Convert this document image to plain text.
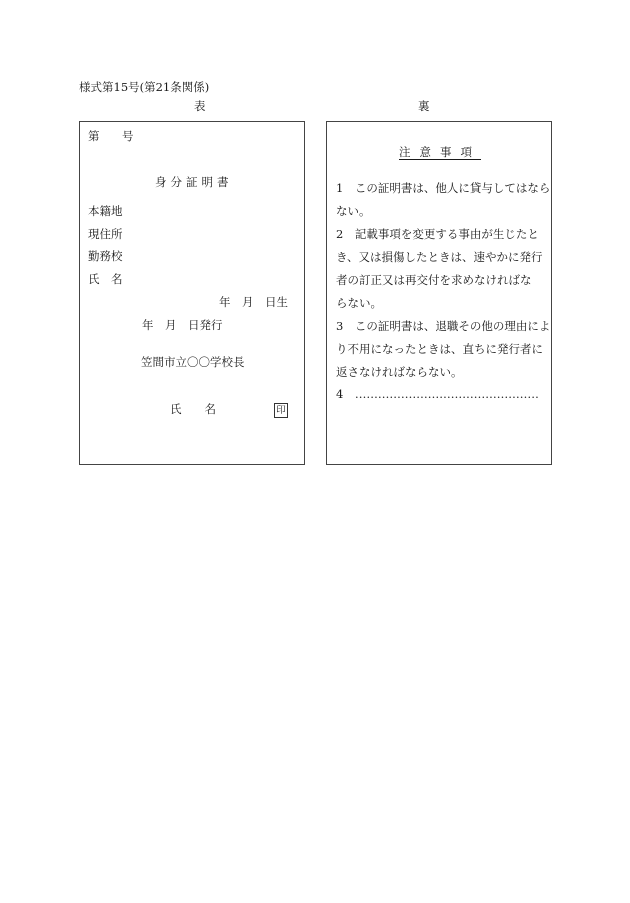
様式第15号(第21条関係)
表	裏
第 号
身分証明書
本籍地
現住所
勤務校
氏　名
年　月　日生
年　月　日発行
笠間市立〇〇学校長
氏　　名	印
注意事項
1　この証明書は、他人に貸与してはなら
ない。
2　記載事項を変更する事由が生じたと
き、又は損傷したときは、速やかに発行
者の訂正又は再交付を求めなければな
らない。
3　この証明書は、退職その他の理由によ
り不用になったときは、直ちに発行者に
返さなければならない。
4　…………………………………………
